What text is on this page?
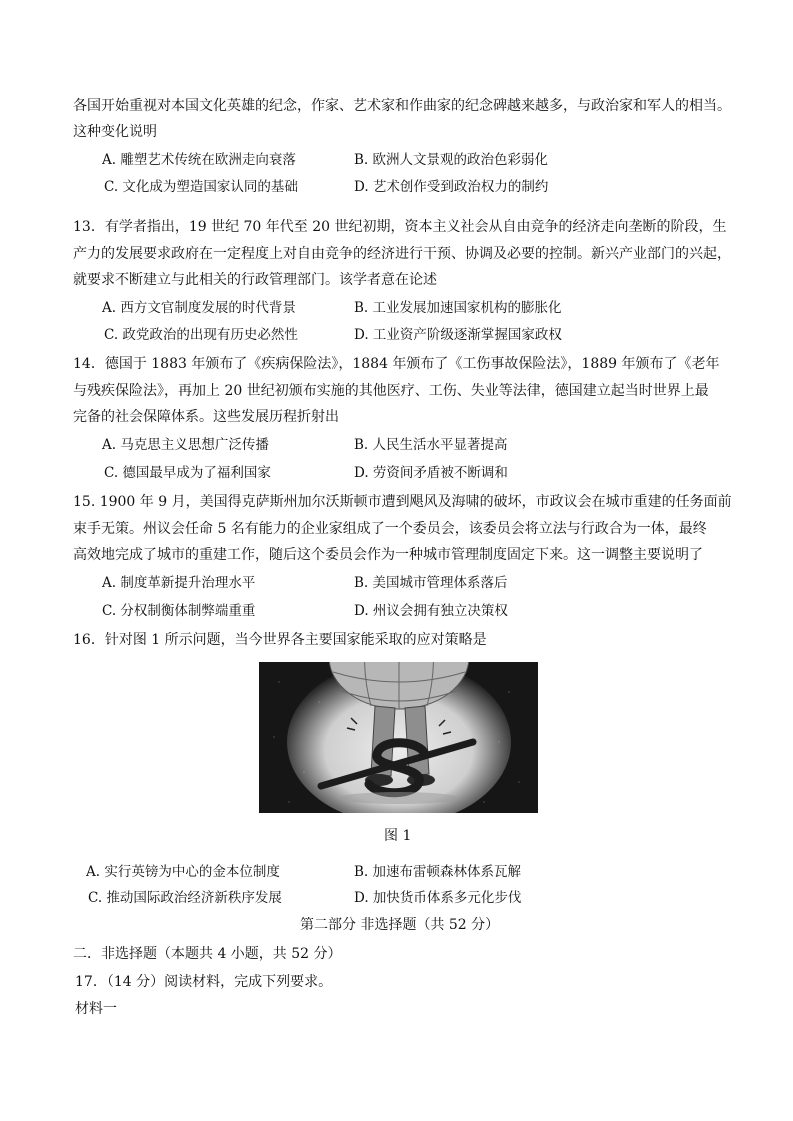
各国开始重视对本国文化英雄的纪念，作家、艺术家和作曲家的纪念碑越来越多，与政治家和军人的相当。
这种变化说明
A. 雕塑艺术传统在欧洲走向衰落	B. 欧洲人文景观的政治色彩弱化
C. 文化成为塑造国家认同的基础	D. 艺术创作受到政治权力的制约
13．有学者指出，19 世纪 70 年代至 20 世纪初期，资本主义社会从自由竞争的经济走向垄断的阶段，生
产力的发展要求政府在一定程度上对自由竞争的经济进行干预、协调及必要的控制。新兴产业部门的兴起，
就要求不断建立与此相关的行政管理部门。该学者意在论述
A. 西方文官制度发展的时代背景	B. 工业发展加速国家机构的膨胀化
C. 政党政治的出现有历史必然性	D. 工业资产阶级逐渐掌握国家政权
14．德国于 1883 年颁布了《疾病保险法》，1884 年颁布了《工伤事故保险法》，1889 年颁布了《老年
与残疾保险法》，再加上 20 世纪初颁布实施的其他医疗、工伤、失业等法律，德国建立起当时世界上最
完备的社会保障体系。这些发展历程折射出
A. 马克思主义思想广泛传播	B. 人民生活水平显著提高
C. 德国最早成为了福利国家	D. 劳资间矛盾被不断调和
15. 1900 年 9 月，美国得克萨斯州加尔沃斯顿市遭到飓风及海啸的破坏，市政议会在城市重建的任务面前
束手无策。州议会任命 5 名有能力的企业家组成了一个委员会，该委员会将立法与行政合为一体，最终
高效地完成了城市的重建工作，随后这个委员会作为一种城市管理制度固定下来。这一调整主要说明了
A. 制度革新提升治理水平	B. 美国城市管理体系落后
C. 分权制衡体制弊端重重	D. 州议会拥有独立决策权
16．针对图 1 所示问题，当今世界各主要国家能采取的应对策略是
图 1
A. 实行英镑为中心的金本位制度	B. 加速布雷顿森林体系瓦解
C. 推动国际政治经济新秩序发展	D. 加快货币体系多元化步伐
第二部分 非选择题（共 52 分）
二．非选择题（本题共 4 小题，共 52 分）
17．（14 分）阅读材料，完成下列要求。
材料一
